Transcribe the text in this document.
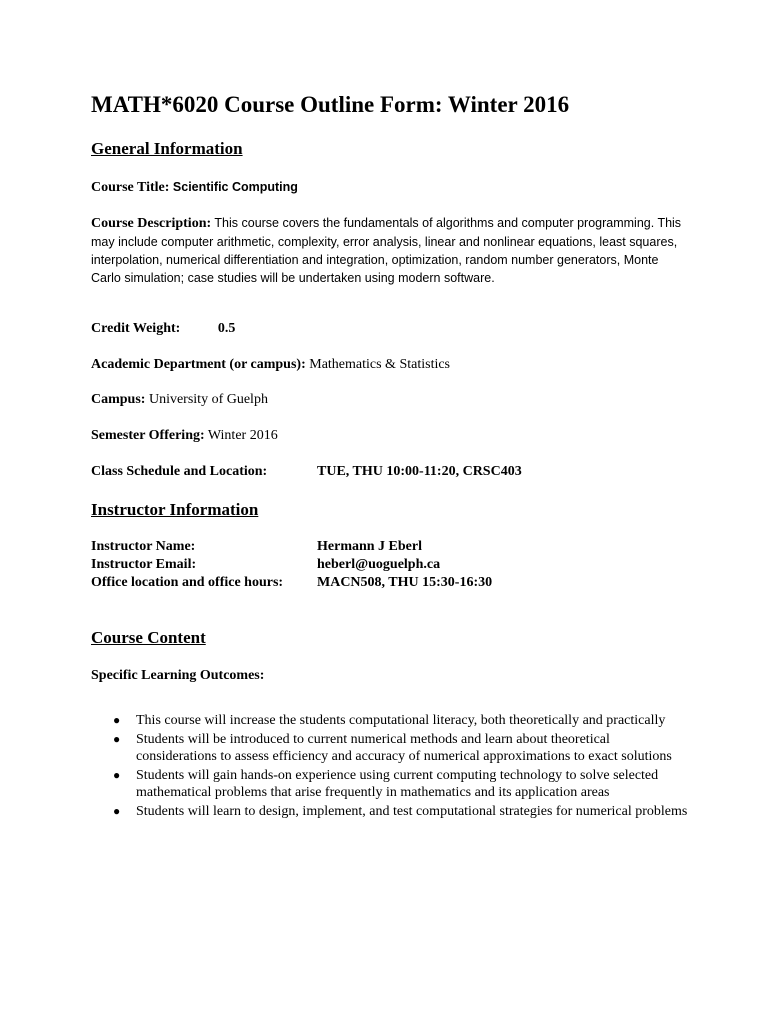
MATH*6020 Course Outline Form: Winter 2016
General Information
Course Title: Scientific Computing
Course Description: This course covers the fundamentals of algorithms and computer programming. This may include computer arithmetic, complexity, error analysis, linear and nonlinear equations, least squares, interpolation, numerical differentiation and integration, optimization, random number generators, Monte Carlo simulation; case studies will be undertaken using modern software.
Credit Weight:	0.5
Academic Department (or campus): Mathematics & Statistics
Campus: University of Guelph
Semester Offering: Winter 2016
Class Schedule and Location:	TUE, THU 10:00-11:20, CRSC403
Instructor Information
Instructor Name:	Hermann J Eberl
Instructor Email:	heberl@uoguelph.ca
Office location and office hours: MACN508, THU 15:30-16:30
Course Content
Specific Learning Outcomes:
● This course will increase the students computational literacy, both theoretically and practically
● Students will be introduced to current numerical methods and learn about theoretical considerations to assess efficiency and accuracy of numerical approximations to exact solutions
● Students will gain hands-on experience using current computing technology to solve selected mathematical problems that arise frequently in mathematics and its application areas
● Students will learn to design, implement, and test computational strategies for numerical problems
